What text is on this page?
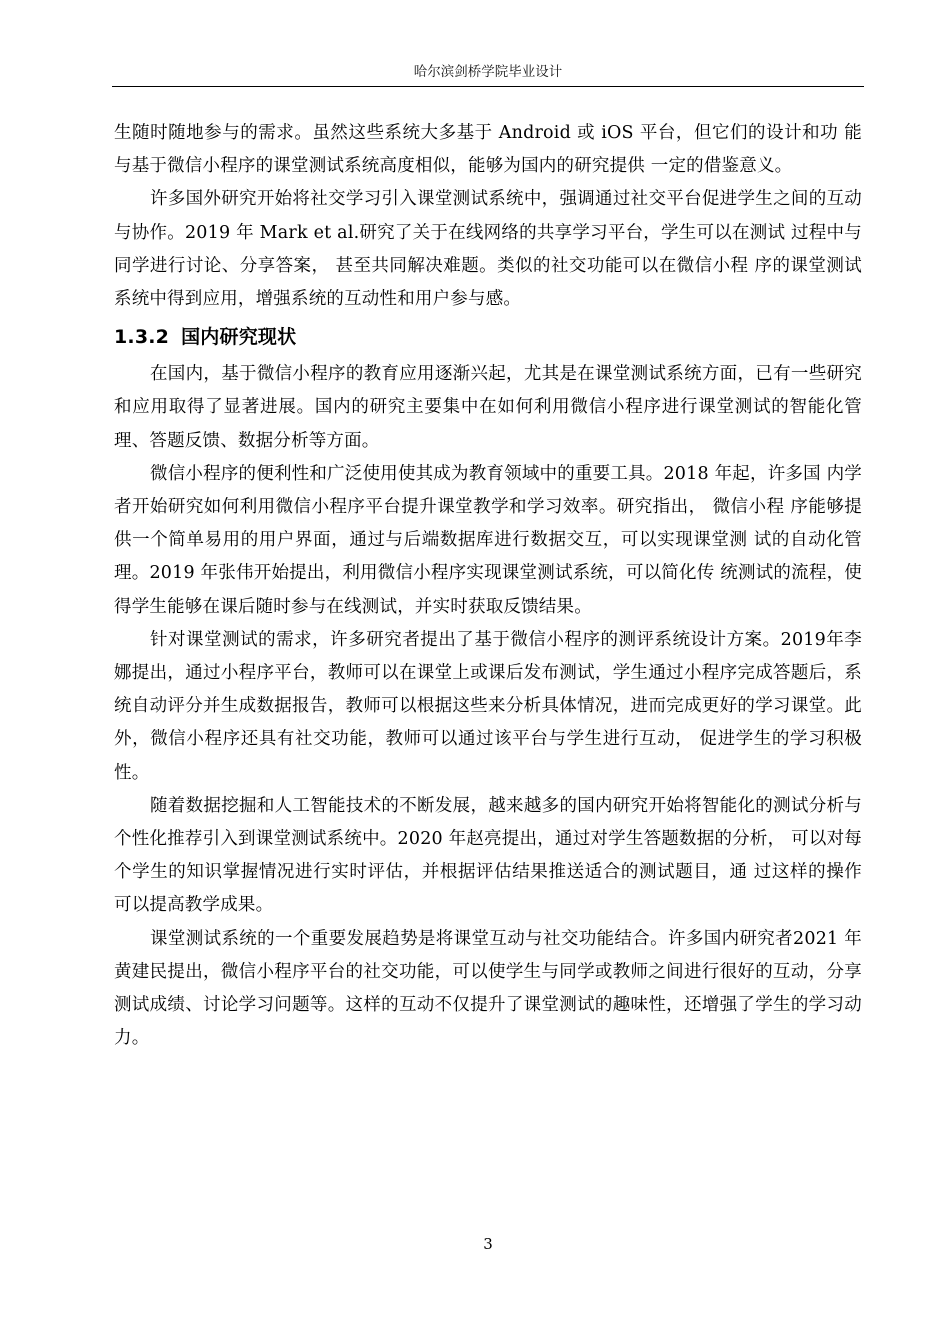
哈尔滨剑桥学院毕业设计

生随时随地参与的需求。虽然这些系统大多基于 Android 或 iOS 平台，但它们的设计和功 能与基于微信小程序的课堂测试系统高度相似，能够为国内的研究提供 一定的借鉴意义。

许多国外研究开始将社交学习引入课堂测试系统中，强调通过社交平台促进学生之间的互动与协作。2019 年 Mark et al.研究了关于在线网络的共享学习平台，学生可以在测试 过程中与同学进行讨论、分享答案， 甚至共同解决难题。类似的社交功能可以在微信小程 序的课堂测试系统中得到应用，增强系统的互动性和用户参与感。

1.3.2 国内研究现状

在国内，基于微信小程序的教育应用逐渐兴起，尤其是在课堂测试系统方面，已有一些研究和应用取得了显著进展。国内的研究主要集中在如何利用微信小程序进行课堂测试的智能化管理、答题反馈、数据分析等方面。

微信小程序的便利性和广泛使用使其成为教育领域中的重要工具。2018 年起，许多国 内学者开始研究如何利用微信小程序平台提升课堂教学和学习效率。研究指出， 微信小程 序能够提供一个简单易用的用户界面，通过与后端数据库进行数据交互，可以实现课堂测 试的自动化管理。2019 年张伟开始提出，利用微信小程序实现课堂测试系统，可以简化传 统测试的流程，使得学生能够在课后随时参与在线测试，并实时获取反馈结果。

针对课堂测试的需求，许多研究者提出了基于微信小程序的测评系统设计方案。2019年李娜提出，通过小程序平台，教师可以在课堂上或课后发布测试，学生通过小程序完成答题后，系统自动评分并生成数据报告，教师可以根据这些来分析具体情况，进而完成更好的学习课堂。此外，微信小程序还具有社交功能，教师可以通过该平台与学生进行互动， 促进学生的学习积极性。

随着数据挖掘和人工智能技术的不断发展，越来越多的国内研究开始将智能化的测试分析与个性化推荐引入到课堂测试系统中。2020 年赵亮提出，通过对学生答题数据的分析， 可以对每个学生的知识掌握情况进行实时评估，并根据评估结果推送适合的测试题目，通 过这样的操作可以提高教学成果。

课堂测试系统的一个重要发展趋势是将课堂互动与社交功能结合。许多国内研究者2021 年黄建民提出，微信小程序平台的社交功能，可以使学生与同学或教师之间进行很好的互动，分享测试成绩、讨论学习问题等。这样的互动不仅提升了课堂测试的趣味性，还增强了学生的学习动力。

3
